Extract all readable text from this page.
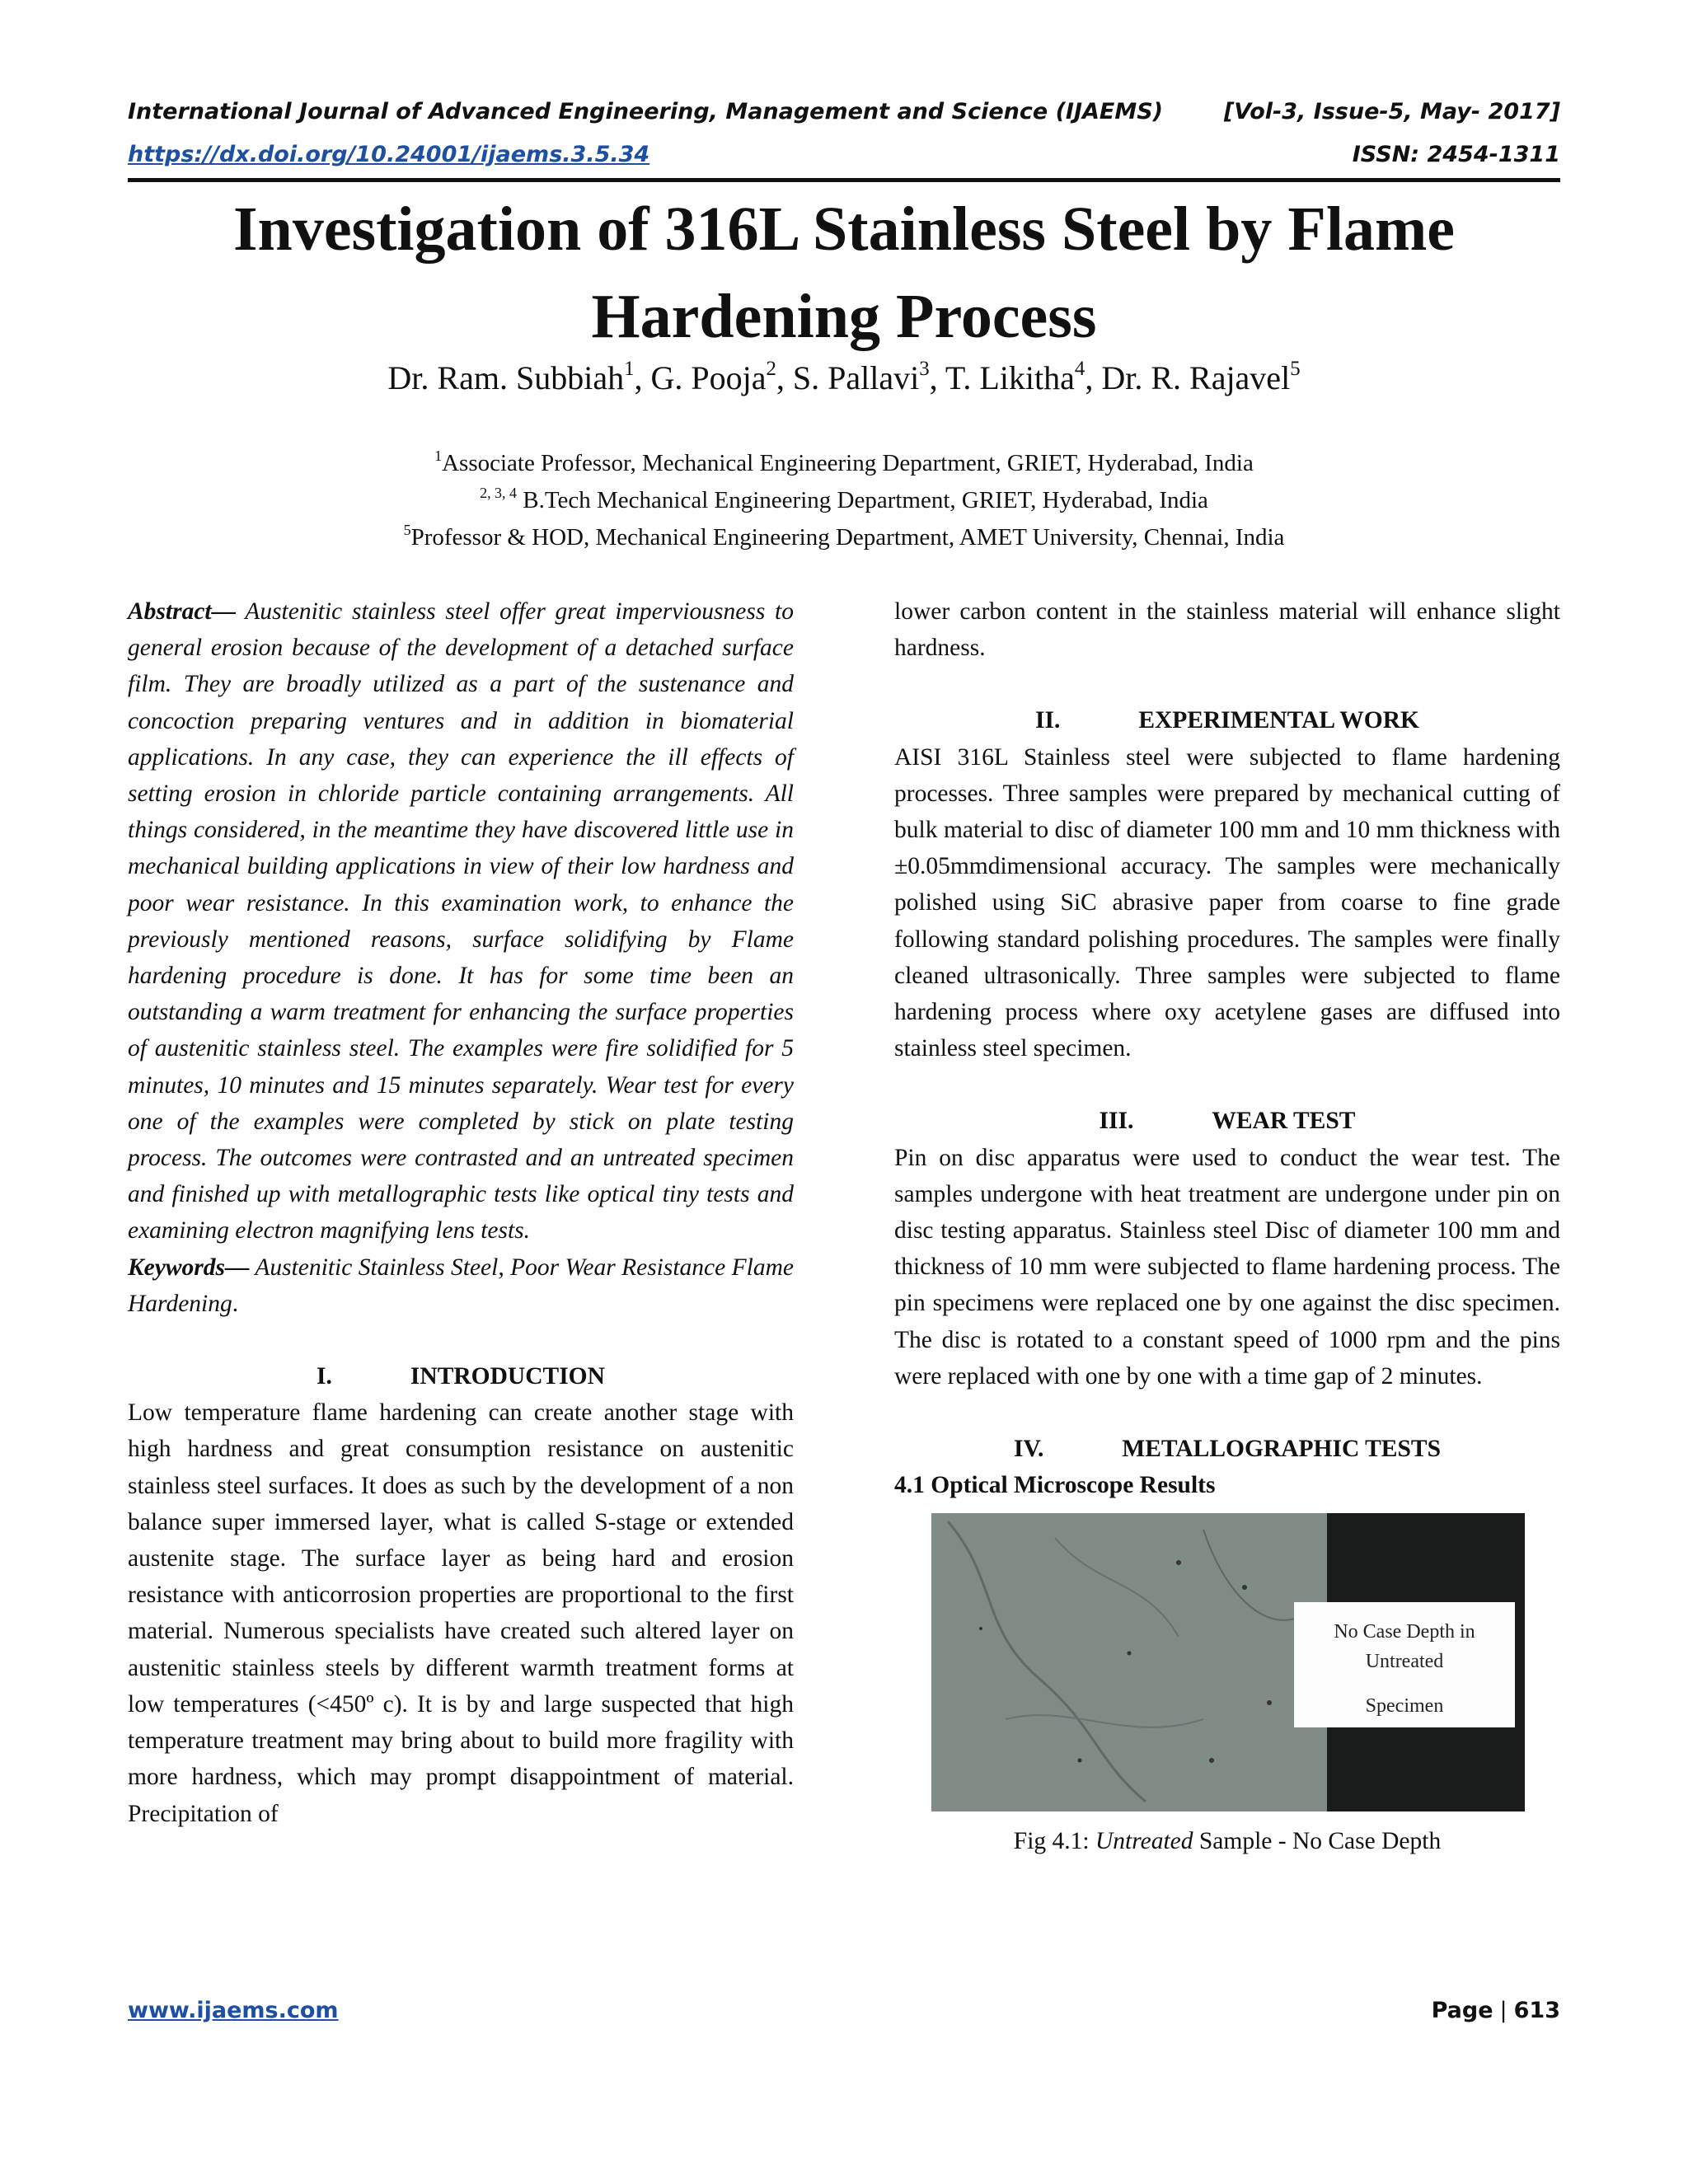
International Journal of Advanced Engineering, Management and Science (IJAEMS)	[Vol-3, Issue-5, May- 2017]
https://dx.doi.org/10.24001/ijaems.3.5.34	ISSN: 2454-1311
Investigation of 316L Stainless Steel by Flame
Hardening Process
Dr. Ram. Subbiah$^1$, G. Pooja$^2$, S. Pallavi$^3$, T. Likitha$^4$, Dr. R. Rajavel$^5$
$^1$Associate Professor, Mechanical Engineering Department, GRIET, Hyderabad, India
$^{2, 3, 4}$ B.Tech Mechanical Engineering Department, GRIET, Hyderabad, India
$^5$Professor & HOD, Mechanical Engineering Department, AMET University, Chennai, India

Abstract— Austenitic stainless steel offer great imperviousness to general erosion because of the development of a detached surface film. They are broadly utilized as a part of the sustenance and concoction preparing ventures and in addition in biomaterial applications. In any case, they can experience the ill effects of setting erosion in chloride particle containing arrangements. All things considered, in the meantime they have discovered little use in mechanical building applications in view of their low hardness and poor wear resistance. In this examination work, to enhance the previously mentioned reasons, surface solidifying by Flame hardening procedure is done. It has for some time been an outstanding a warm treatment for enhancing the surface properties of austenitic stainless steel. The examples were fire solidified for 5 minutes, 10 minutes and 15 minutes separately. Wear test for every one of the examples were completed by stick on plate testing process. The outcomes were contrasted and an untreated specimen and finished up with metallographic tests like optical tiny tests and examining electron magnifying lens tests.

Keywords— Austenitic Stainless Steel, Poor Wear Resistance Flame Hardening.

I.	INTRODUCTION

Low temperature flame hardening can create another stage with high hardness and great consumption resistance on austenitic stainless steel surfaces. It does as such by the development of a non balance super immersed layer, what is called S-stage or extended austenite stage. The surface layer as being hard and erosion resistance with anticorrosion properties are proportional to the first material. Numerous specialists have created such altered layer on austenitic stainless steels by different warmth treatment forms at low temperatures (<450º c). It is by and large suspected that high temperature treatment may bring about to build more fragility with more hardness, which may prompt disappointment of material. Precipitation of

lower carbon content in the stainless material will enhance slight hardness.

II.	EXPERIMENTAL WORK

AISI 316L Stainless steel were subjected to flame hardening processes. Three samples were prepared by mechanical cutting of bulk material to disc of diameter 100 mm and 10 mm thickness with ±0.05mmdimensional accuracy. The samples were mechanically polished using SiC abrasive paper from coarse to fine grade following standard polishing procedures. The samples were finally cleaned ultrasonically. Three samples were subjected to flame hardening process where oxy acetylene gases are diffused into stainless steel specimen.

III.	WEAR TEST

Pin on disc apparatus were used to conduct the wear test. The samples undergone with heat treatment are undergone under pin on disc testing apparatus. Stainless steel Disc of diameter 100 mm and thickness of 10 mm were subjected to flame hardening process. The pin specimens were replaced one by one against the disc specimen. The disc is rotated to a constant speed of 1000 rpm and the pins were replaced with one by one with a time gap of 2 minutes.

IV.	METALLOGRAPHIC TESTS
4.1 Optical Microscope Results
No Case Depth in Untreated
Specimen
Fig 4.1: Untreated Sample - No Case Depth
www.ijaems.com	Page | 613
